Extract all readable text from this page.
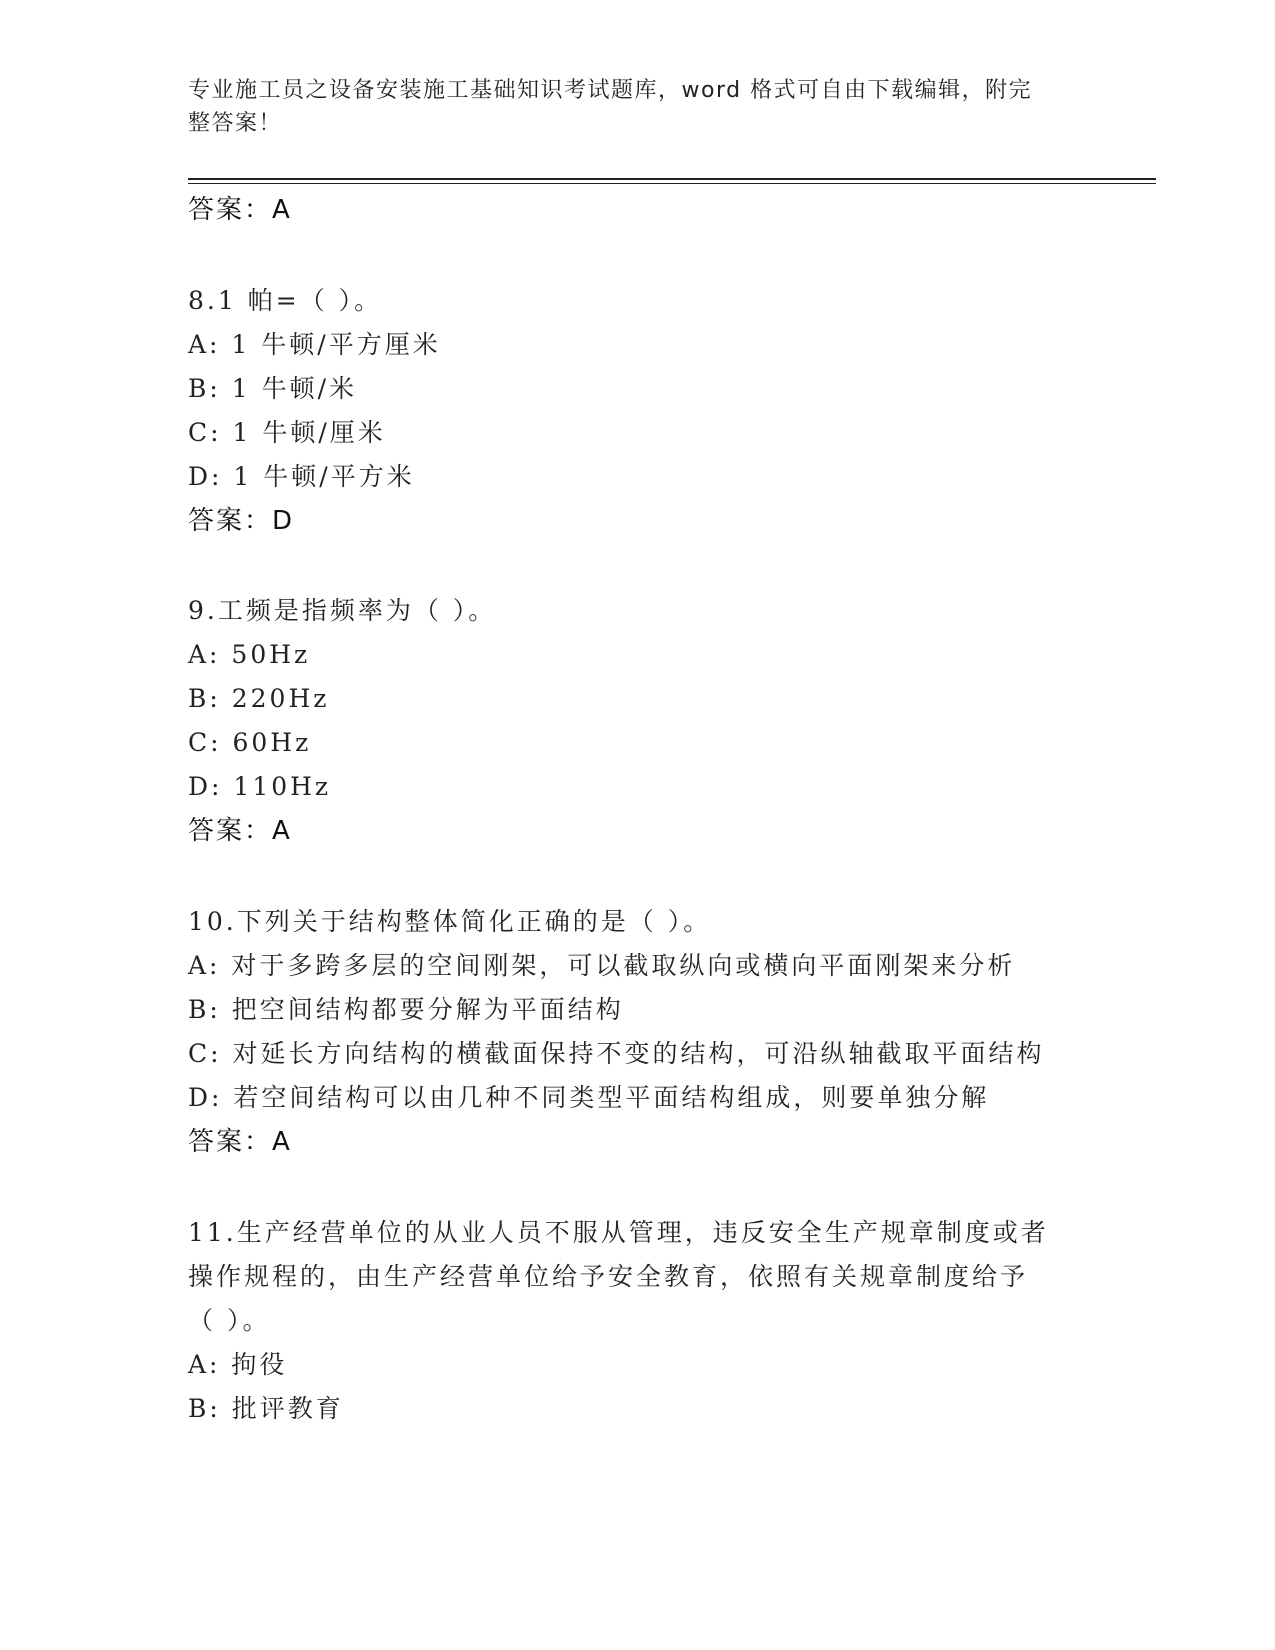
专业施工员之设备安装施工基础知识考试题库，word 格式可自由下载编辑，附完
整答案！
答案：A
8.1 帕=（ ）。
A: 1 牛顿/平方厘米
B: 1 牛顿/米
C: 1 牛顿/厘米
D: 1 牛顿/平方米
答案：D
9.工频是指频率为（ ）。
A: 50Hz
B: 220Hz
C: 60Hz
D: 110Hz
答案：A
10.下列关于结构整体简化正确的是（ ）。
A: 对于多跨多层的空间刚架，可以截取纵向或横向平面刚架来分析
B: 把空间结构都要分解为平面结构
C: 对延长方向结构的横截面保持不变的结构，可沿纵轴截取平面结构
D: 若空间结构可以由几种不同类型平面结构组成，则要单独分解
答案：A
11.生产经营单位的从业人员不服从管理，违反安全生产规章制度或者
操作规程的，由生产经营单位给予安全教育，依照有关规章制度给予
（ ）。
A: 拘役
B: 批评教育
